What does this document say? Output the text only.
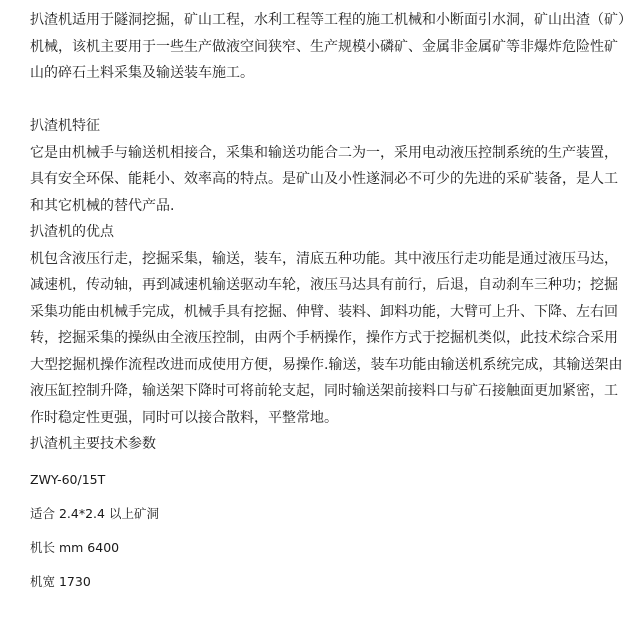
扒渣机适用于隧洞挖掘，矿山工程，水利工程等工程的施工机械和小断面引水洞，矿山出渣（矿）机械，该机主要用于一些生产做液空间狭窄、生产规模小磷矿、金属非金属矿等非爆炸危险性矿山的碎石土料采集及输送装车施工。

扒渣机特征

它是由机械手与输送机相接合，采集和输送功能合二为一，采用电动液压控制系统的生产装置，具有安全环保、能耗小、效率高的特点。是矿山及小性遂洞必不可少的先进的采矿装备，是人工和其它机械的替代产品.

扒渣机的优点

机包含液压行走，挖掘采集，输送，装车，清底五种功能。其中液压行走功能是通过液压马达，减速机，传动轴，再到减速机输送驱动车轮，液压马达具有前行，后退，自动刹车三种功；挖掘采集功能由机械手完成，机械手具有挖掘、伸臂、装料、卸料功能，大臂可上升、下降、左右回转，挖掘采集的操纵由全液压控制，由两个手柄操作，操作方式于挖掘机类似，此技术综合采用大型挖掘机操作流程改进而成使用方便，易操作.输送，装车功能由输送机系统完成，其输送架由液压缸控制升降，输送架下降时可将前轮支起，同时输送架前接料口与矿石接触面更加紧密，工作时稳定性更强，同时可以接合散料，平整常地。

扒渣机主要技术参数

ZWY-60/15T

适合 2.4*2.4 以上矿洞

机长 mm 6400

机宽 1730
